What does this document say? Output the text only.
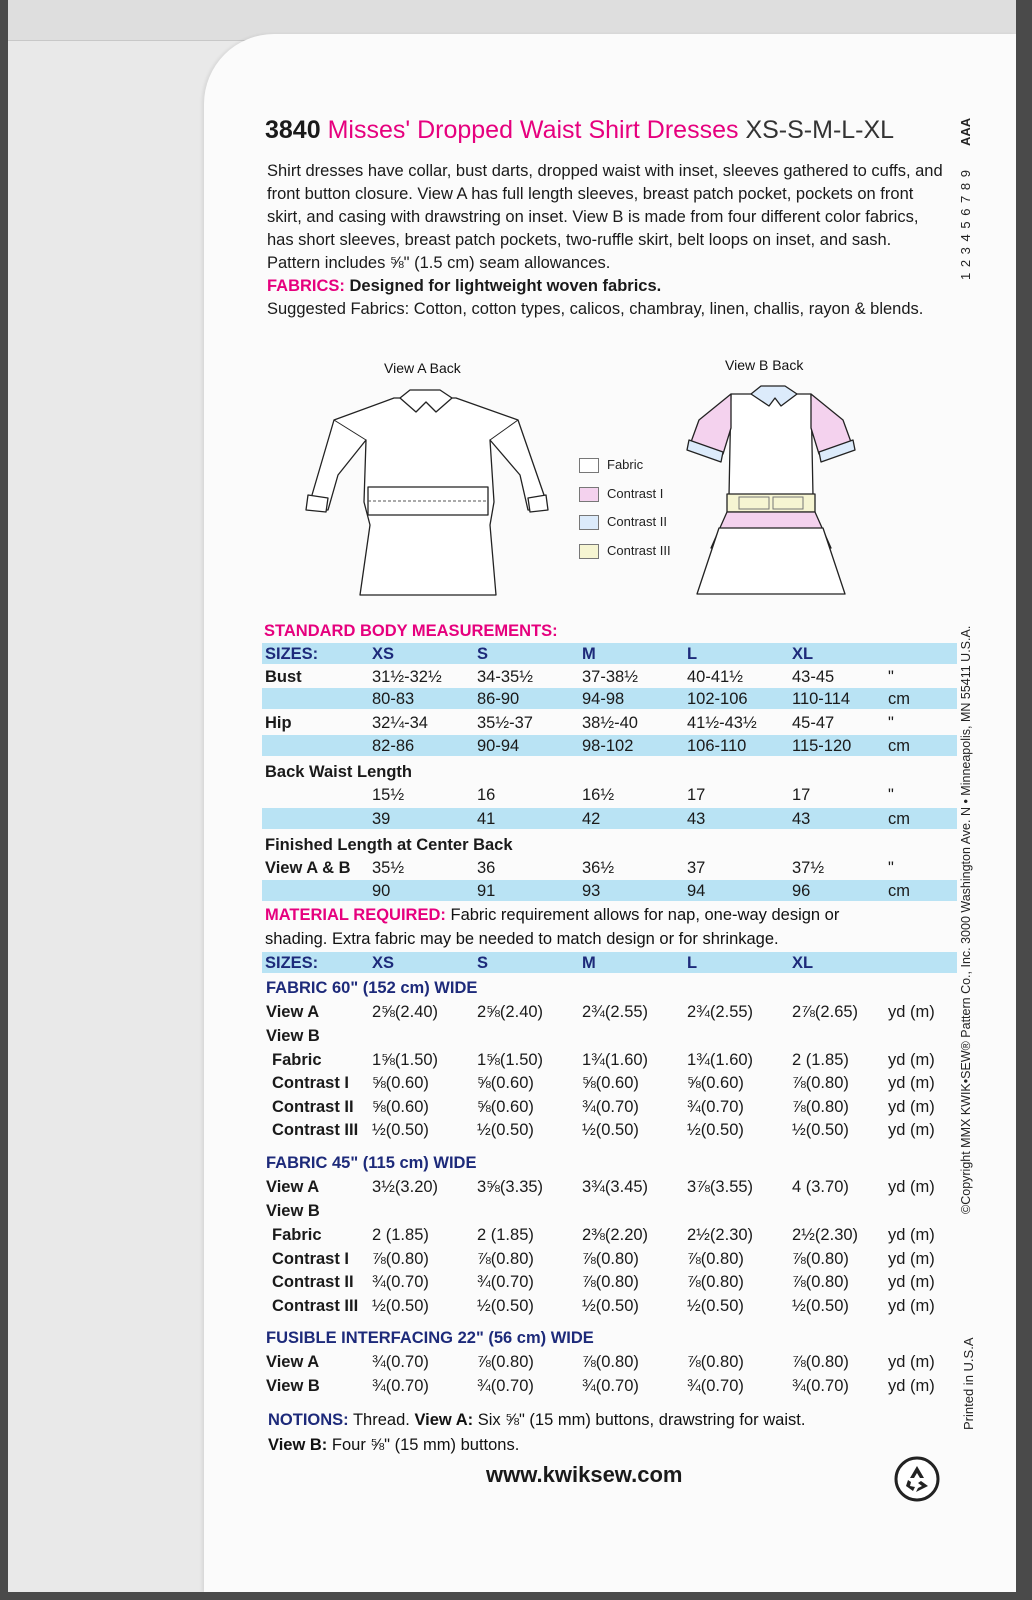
3840 Misses' Dropped Waist Shirt Dresses XS-S-M-L-XL
Shirt dresses have collar, bust darts, dropped waist with inset, sleeves gathered to cuffs, and front button closure. View A has full length sleeves, breast patch pocket, pockets on front skirt, and casing with drawstring on inset. View B is made from four different color fabrics, has short sleeves, breast patch pockets, two-ruffle skirt, belt loops on inset, and sash.
Pattern includes ⅝" (1.5 cm) seam allowances.
FABRICS: Designed for lightweight woven fabrics.
Suggested Fabrics: Cotton, cotton types, calicos, chambray, linen, challis, rayon & blends.
View A Back	View B Back
Fabric
Contrast I
Contrast II
Contrast III
STANDARD BODY MEASUREMENTS:
SIZES:	XS	S	M	L	XL
Bust	31½-32½ 34-35½	37-38½	40-41½	43-45	"
80-83	86-90	94-98	102-106	110-114 cm
Hip	32¼-34	35½-37	38½-40	41½-43½ 45-47	"
82-86	90-94	98-102	106-110	115-120 cm
Back Waist Length
15½	16	16½	17	17	"
39	41	42	43	43	cm
Finished Length at Center Back
View A & B 35½	36	36½	37	37½	"
90	91	93	94	96	cm
MATERIAL REQUIRED: Fabric requirement allows for nap, one-way design or
shading. Extra fabric may be needed to match design or for shrinkage.
SIZES:	XS	S	M	L	XL
FABRIC 60" (152 cm) WIDE
View B
View A	2⅝(2.40) 2⅝(2.40) 2¾(2.55) 2¾(2.55) 2⅞(2.65) yd (m)
Fabric	1⅝(1.50) 1⅝(1.50) 1¾(1.60) 1¾(1.60) 2 (1.85) yd (m)
Contrast I ⅝(0.60)	⅝(0.60)	⅝(0.60)	⅝(0.60)	⅞(0.80) yd (m)
Contrast II ⅝(0.60)	⅝(0.60)	¾(0.70)	¾(0.70)	⅞(0.80) yd (m)
Contrast III ½(0.50)	½(0.50)	½(0.50)	½(0.50)	½(0.50) yd (m)
FABRIC 45" (115 cm) WIDE
View B
View A	3½(3.20) 3⅝(3.35) 3¾(3.45) 3⅞(3.55) 4 (3.70) yd (m)
Fabric	2 (1.85)	2 (1.85)	2⅜(2.20) 2½(2.30) 2½(2.30) yd (m)
Contrast I ⅞(0.80)	⅞(0.80)	⅞(0.80)	⅞(0.80)	⅞(0.80) yd (m)
Contrast II ¾(0.70)	¾(0.70)	⅞(0.80)	⅞(0.80)	⅞(0.80) yd (m)
Contrast III ½(0.50)	½(0.50)	½(0.50)	½(0.50)	½(0.50) yd (m)
FUSIBLE INTERFACING 22" (56 cm) WIDE
View A	¾(0.70)	⅞(0.80)	⅞(0.80)	⅞(0.80)	⅞(0.80) yd (m)
View B	¾(0.70)	¾(0.70)	¾(0.70)	¾(0.70)	¾(0.70) yd (m)
NOTIONS: Thread. View A: Six ⅝" (15 mm) buttons, drawstring for waist.
View B: Four ⅝" (15 mm) buttons.
www.kwiksew.com
AAA
1 2 3 4 5 6 7 8 9
©Copyright MMX KWIK•SEW® Pattern Co., Inc. 3000 Washington Ave. N • Minneapolis, MN 55411 U.S.A.
Printed in U.S.A
